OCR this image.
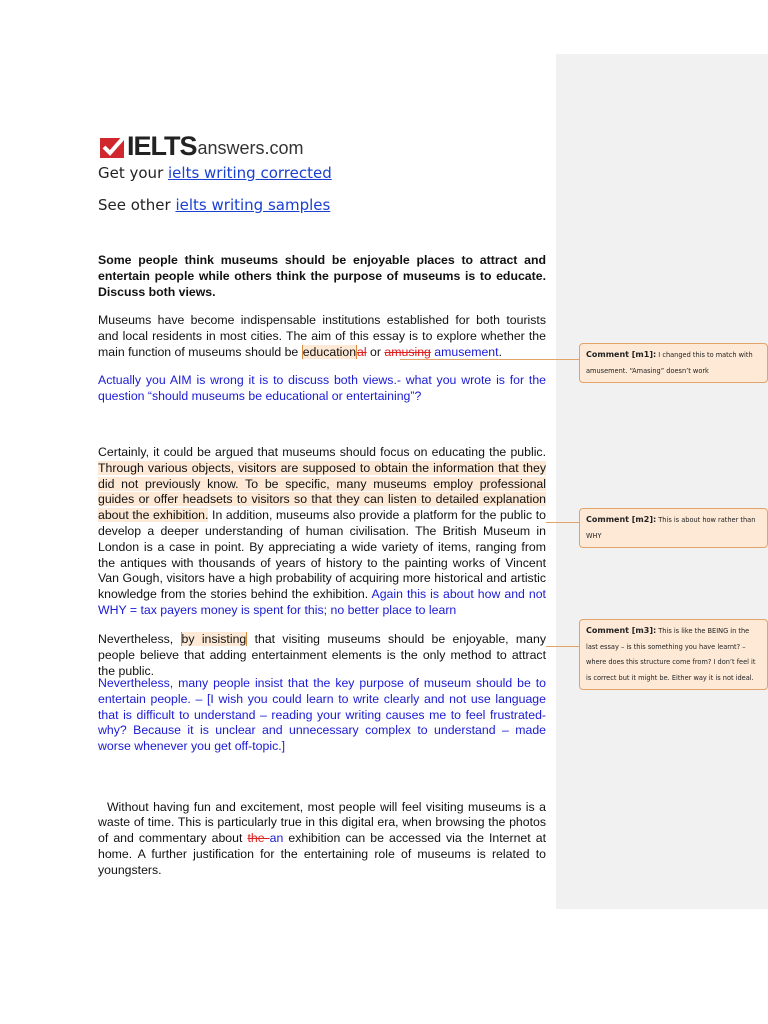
IELTS answers.com
Get your ielts writing corrected
See other ielts writing samples

Some people think museums should be enjoyable places to attract and entertain people while others think the purpose of museums is to educate. Discuss both views.

Museums have become indispensable institutions established for both tourists and local residents in most cities. The aim of this essay is to explore whether the main function of museums should be educational or amusing amusement.

Actually you AIM is wrong it is to discuss both views.- what you wrote is for the question “should museums be educational or entertaining”?

Certainly, it could be argued that museums should focus on educating the public. Through various objects, visitors are supposed to obtain the information that they did not previously know. To be specific, many museums employ professional guides or offer headsets to visitors so that they can listen to detailed explanation about the exhibition. In addition, museums also provide a platform for the public to develop a deeper understanding of human civilisation. The British Museum in London is a case in point. By appreciating a wide variety of items, ranging from the antiques with thousands of years of history to the painting works of Vincent Van Gough, visitors have a high probability of acquiring more historical and artistic knowledge from the stories behind the exhibition. Again this is about how and not WHY = tax payers money is spent for this; no better place to learn

Nevertheless, by insisting that visiting museums should be enjoyable, many people believe that adding entertainment elements is the only method to attract the public.

Nevertheless, many people insist that the key purpose of museum should be to entertain people. – [I wish you could learn to write clearly and not use language that is difficult to understand – reading your writing causes me to feel frustrated- why? Because it is unclear and unnecessary complex to understand – made worse whenever you get off-topic.]

Without having fun and excitement, most people will feel visiting museums is a waste of time. This is particularly true in this digital era, when browsing the photos of and commentary about the an exhibition can be accessed via the Internet at home. A further justification for the entertaining role of museums is related to youngsters.

Comment [m1]: I changed this to match with amusement. “Amasing” doesn’t work
Comment [m2]: This is about how rather than WHY
Comment [m3]: This is like the BEING in the last essay – is this something you have learnt? – where does this structure come from? I don’t feel it is correct but it might be. Either way it is not ideal.
